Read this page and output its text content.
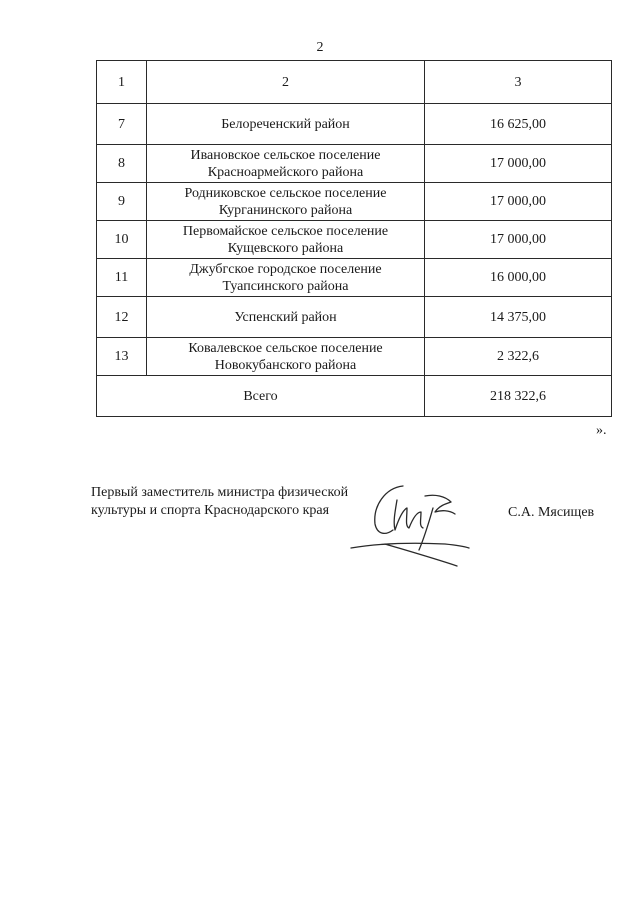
2
1	2	3
7	Белореченский район	16 625,00
8	Ивановское сельское поселение
Красноармейского района	17 000,00
9	Родниковское сельское поселение
Курганинского района	17 000,00
10	Первомайское сельское поселение
Кущевского района	17 000,00
11	Джубгское городское поселение
Туапсинского района	16 000,00
12	Успенский район	14 375,00
13	Ковалевское сельское поселение
Новокубанского района	2 322,6
Всего		218 322,6
».
Первый заместитель министра физической
культуры и спорта Краснодарского края	С.А. Мясищев
